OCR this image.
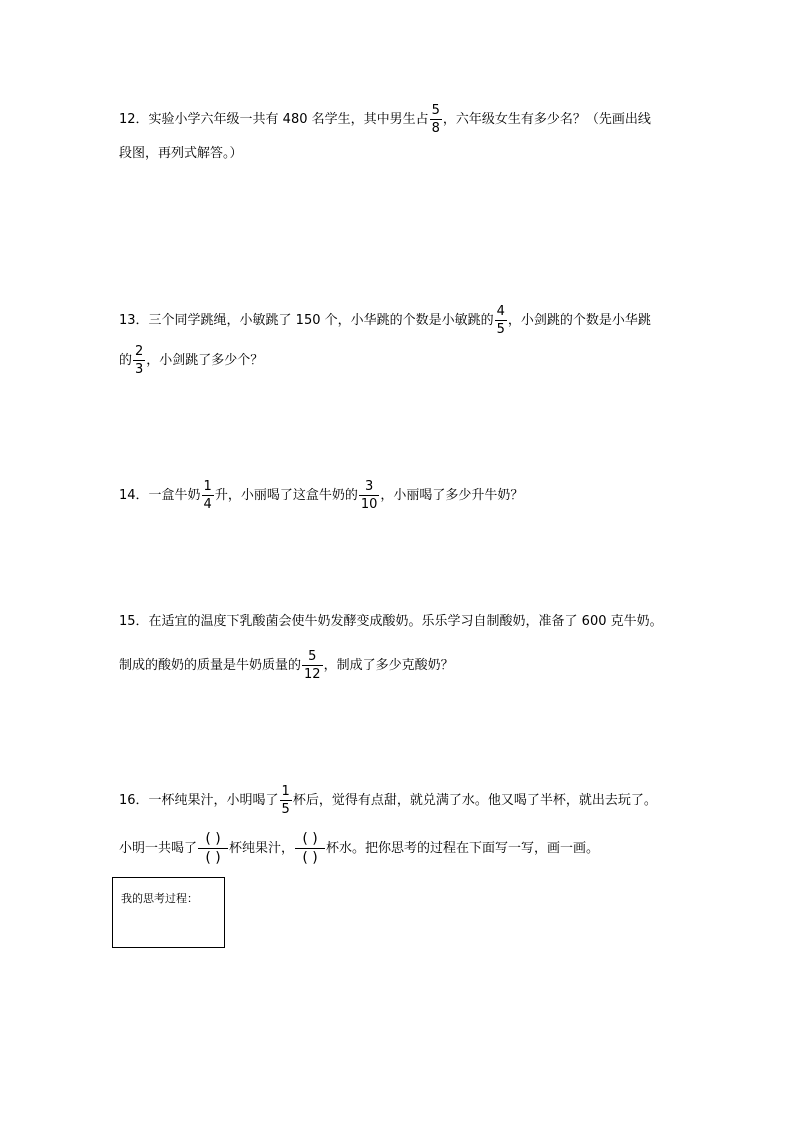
12．实验小学六年级一共有 480 名学生，其中男生占 $\frac{5}{8}$ ，六年级女生有多少名？（先画出线
段图，再列式解答。）
13．三个同学跳绳，小敏跳了 150 个，小华跳的个数是小敏跳的 $\frac{4}{5}$ ，小剑跳的个数是小华跳
的 $\frac{2}{3}$ ，小剑跳了多少个？
14．一盒牛奶 $\frac{1}{4}$ 升，小丽喝了这盒牛奶的 $\frac{3}{10}$ ，小丽喝了多少升牛奶？
15．在适宜的温度下乳酸菌会使牛奶发酵变成酸奶。乐乐学习自制酸奶，准备了 600 克牛奶。
制成的酸奶的质量是牛奶质量的 $\frac{5}{12}$ ，制成了多少克酸奶？
16．一杯纯果汁，小明喝了 $\frac{1}{5}$ 杯后，觉得有点甜，就兑满了水。他又喝了半杯，就出去玩了。
小明一共喝了 $\frac{( )}{( )}$ 杯纯果汁， $\frac{( )}{( )}$ 杯水。把你思考的过程在下面写一写，画一画。
我的思考过程：
